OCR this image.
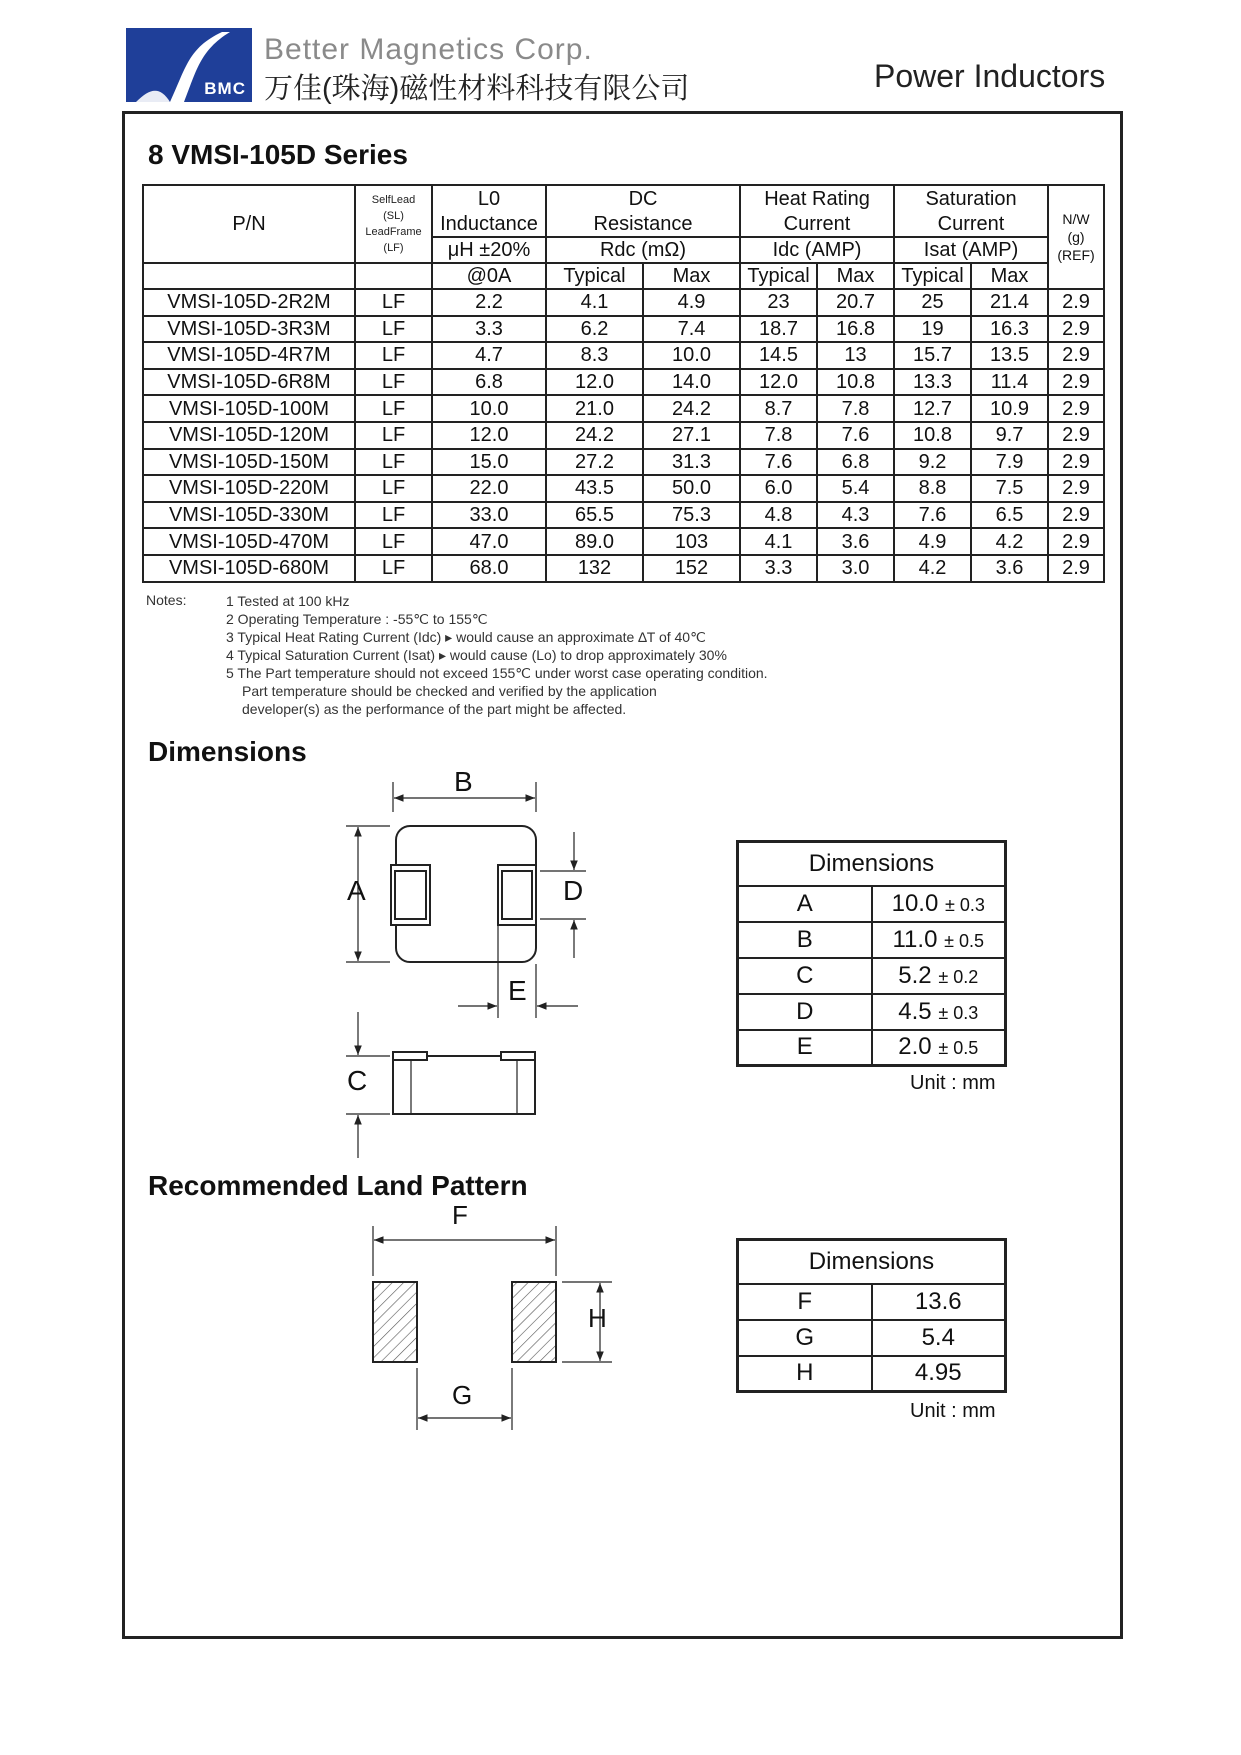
BMC
Better Magnetics Corp.
万佳(珠海)磁性材料科技有限公司	Power Inductors
8 VMSI-105D Series
P/N	SelfLead
(SL)
LeadFrame
(LF)	L0	DC		Heat Rating		Saturation		N/W
(g)
(REF)
		Inductance	Resistance		Current		Current		
		μH ±20%	Rdc (mΩ)		Idc (AMP)		Isat (AMP)		
		@0A	Typical	Max	Typical	Max	Typical	Max	
VMSI-105D-2R2M	LF	2.2	4.1	4.9	23	20.7	25	21.4	2.9
VMSI-105D-3R3M	LF	3.3	6.2	7.4	18.7	16.8	19	16.3	2.9
VMSI-105D-4R7M	LF	4.7	8.3	10.0	14.5	13	15.7	13.5	2.9
VMSI-105D-6R8M	LF	6.8	12.0	14.0	12.0	10.8	13.3	11.4	2.9
VMSI-105D-100M	LF	10.0	21.0	24.2	8.7	7.8	12.7	10.9	2.9
VMSI-105D-120M	LF	12.0	24.2	27.1	7.8	7.6	10.8	9.7	2.9
VMSI-105D-150M	LF	15.0	27.2	31.3	7.6	6.8	9.2	7.9	2.9
VMSI-105D-220M	LF	22.0	43.5	50.0	6.0	5.4	8.8	7.5	2.9
VMSI-105D-330M	LF	33.0	65.5	75.3	4.8	4.3	7.6	6.5	2.9
VMSI-105D-470M	LF	47.0	89.0	103	4.1	3.6	4.9	4.2	2.9
VMSI-105D-680M	LF	68.0	132	152	3.3	3.0	4.2	3.6	2.9
Notes:	1 Tested at 100 kHz
2 Operating Temperature : -55℃ to 155℃
3 Typical Heat Rating Current (Idc) ▸ would cause an approximate ∆T of 40℃
4 Typical Saturation Current (Isat) ▸ would cause (Lo) to drop approximately 30%
5 The Part temperature should not exceed 155℃ under worst case operating condition.
Part temperature should be checked and verified by the application
developer(s) as the performance of the part might be affected.
Dimensions
B
A	D
E
C
Dimensions	
A	10.0 ± 0.3
B	11.0 ± 0.5
C	5.2 ± 0.2
D	4.5 ± 0.3
E	2.0 ± 0.5
Unit : mm
Recommended Land Pattern
F
G
H
Dimensions	
F	13.6
G	5.4
H	4.95
Unit : mm
